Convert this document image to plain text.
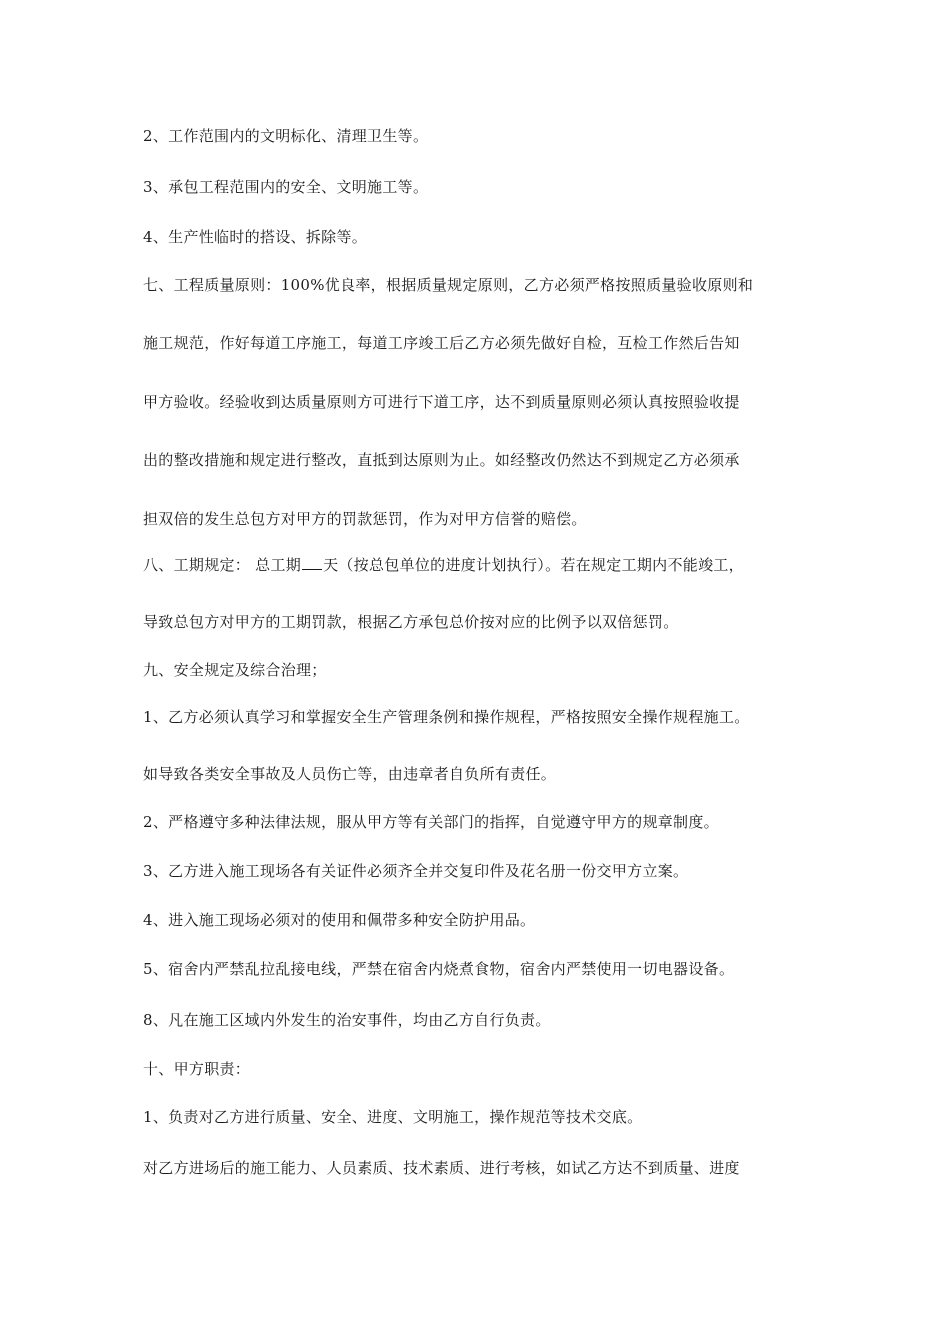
2、工作范围内的文明标化、清理卫生等。
3、承包工程范围内的安全、文明施工等。
4、生产性临时的搭设、拆除等。
七、工程质量原则：100%优良率，根据质量规定原则，乙方必须严格按照质量验收原则和
施工规范，作好每道工序施工，每道工序竣工后乙方必须先做好自检，互检工作然后告知
甲方验收。经验收到达质量原则方可进行下道工序，达不到质量原则必须认真按照验收提
出的整改措施和规定进行整改，直抵到达原则为止。如经整改仍然达不到规定乙方必须承
担双倍的发生总包方对甲方的罚款惩罚，作为对甲方信誉的赔偿。
八、工期规定： 总工期 天（按总包单位的进度计划执行）。若在规定工期内不能竣工，
导致总包方对甲方的工期罚款，根据乙方承包总价按对应的比例予以双倍惩罚。
九、安全规定及综合治理；
1、乙方必须认真学习和掌握安全生产管理条例和操作规程，严格按照安全操作规程施工。
如导致各类安全事故及人员伤亡等，由违章者自负所有责任。
2、严格遵守多种法律法规，服从甲方等有关部门的指挥，自觉遵守甲方的规章制度。
3、乙方进入施工现场各有关证件必须齐全并交复印件及花名册一份交甲方立案。
4、进入施工现场必须对的使用和佩带多种安全防护用品。
5、宿舍内严禁乱拉乱接电线，严禁在宿舍内烧煮食物，宿舍内严禁使用一切电器设备。
8、凡在施工区域内外发生的治安事件，均由乙方自行负责。
十、甲方职责：
1、负责对乙方进行质量、安全、进度、文明施工，操作规范等技术交底。
对乙方进场后的施工能力、人员素质、技术素质、进行考核，如试乙方达不到质量、进度
